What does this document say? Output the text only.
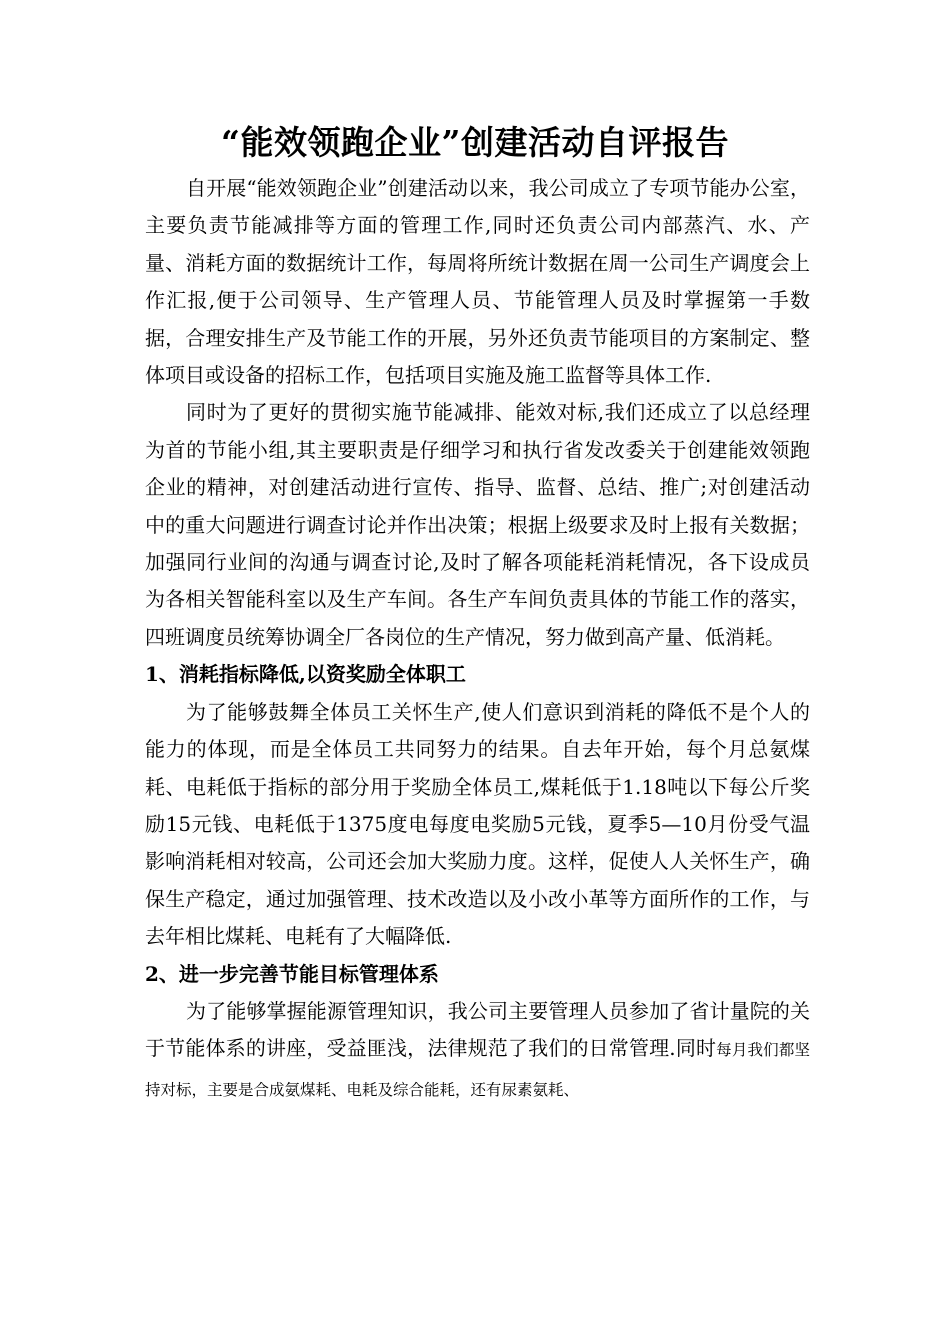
“能效领跑企业”创建活动自评报告

自开展“能效领跑企业”创建活动以来，我公司成立了专项节能办公室，主要负责节能减排等方面的管理工作,同时还负责公司内部蒸汽、水、产量、消耗方面的数据统计工作，每周将所统计数据在周一公司生产调度会上作汇报,便于公司领导、生产管理人员、节能管理人员及时掌握第一手数据，合理安排生产及节能工作的开展，另外还负责节能项目的方案制定、整体项目或设备的招标工作，包括项目实施及施工监督等具体工作.

同时为了更好的贯彻实施节能减排、能效对标,我们还成立了以总经理为首的节能小组,其主要职责是仔细学习和执行省发改委关于创建能效领跑企业的精神，对创建活动进行宣传、指导、监督、总结、推广;对创建活动中的重大问题进行调查讨论并作出决策；根据上级要求及时上报有关数据；加强同行业间的沟通与调查讨论,及时了解各项能耗消耗情况，各下设成员为各相关智能科室以及生产车间。各生产车间负责具体的节能工作的落实，四班调度员统筹协调全厂各岗位的生产情况，努力做到高产量、低消耗。

1、消耗指标降低,以资奖励全体职工

为了能够鼓舞全体员工关怀生产,使人们意识到消耗的降低不是个人的能力的体现，而是全体员工共同努力的结果。自去年开始，每个月总氨煤耗、电耗低于指标的部分用于奖励全体员工,煤耗低于1.18吨以下每公斤奖励15元钱、电耗低于1375度电每度电奖励5元钱，夏季5—10月份受气温影响消耗相对较高，公司还会加大奖励力度。这样，促使人人关怀生产，确保生产稳定，通过加强管理、技术改造以及小改小革等方面所作的工作，与去年相比煤耗、电耗有了大幅降低.

2、进一步完善节能目标管理体系

为了能够掌握能源管理知识，我公司主要管理人员参加了省计量院的关于节能体系的讲座，受益匪浅，法律规范了我们的日常管理.同时每月我们都坚持对标，主要是合成氨煤耗、电耗及综合能耗，还有尿素氨耗、
